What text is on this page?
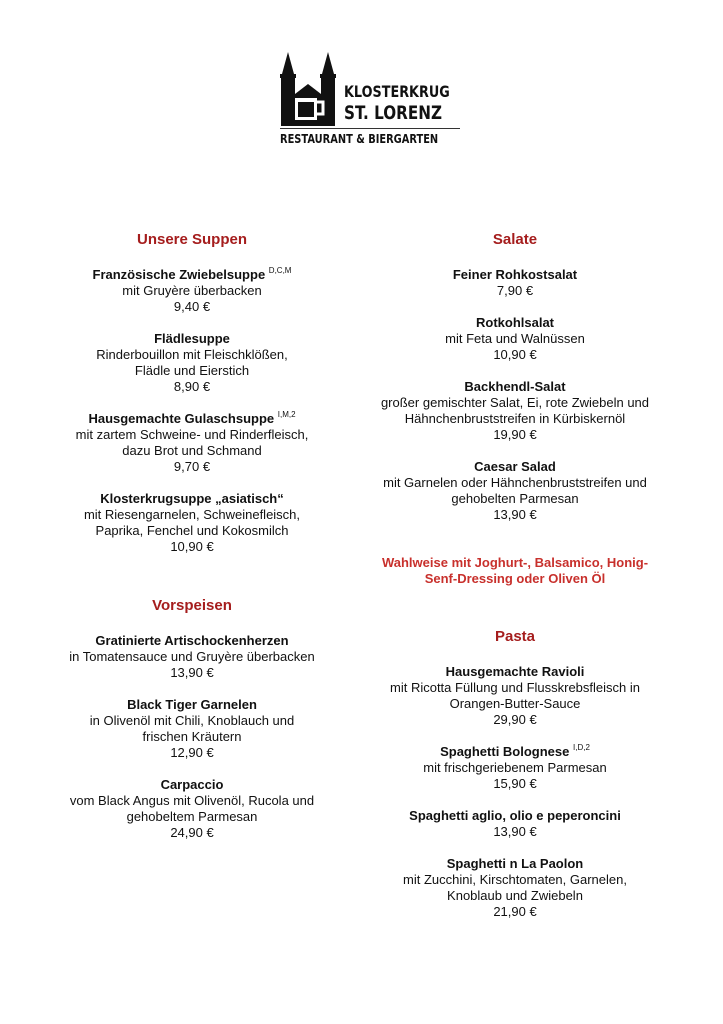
KLOSTERKRUG
ST. LORENZ
RESTAURANT & BIERGARTEN
Unsere Suppen
Französische Zwiebelsuppe $^{D,C,M}$
mit Gruyère überbacken
9,40 €
Flädlesuppe
Rinderbouillon mit Fleischklößen,
Flädle und Eierstich
8,90 €
Hausgemachte Gulaschsuppe $^{I,M,2}$
mit zartem Schweine- und Rinderfleisch,
dazu Brot und Schmand
9,70 €
Klosterkrugsuppe „asiatisch“
mit Riesengarnelen, Schweinefleisch,
Paprika, Fenchel und Kokosmilch
10,90 €
Vorspeisen
Gratinierte Artischockenherzen
in Tomatensauce und Gruyère überbacken
13,90 €
Black Tiger Garnelen
in Olivenöl mit Chili, Knoblauch und
frischen Kräutern
12,90 €
Carpaccio
vom Black Angus mit Olivenöl, Rucola und
gehobeltem Parmesan
24,90 €
Salate
Feiner Rohkostsalat
7,90 €
Rotkohlsalat
mit Feta und Walnüssen
10,90 €
Backhendl-Salat
großer gemischter Salat, Ei, rote Zwiebeln und
Hähnchenbruststreifen in Kürbiskernöl
19,90 €
Caesar Salad
mit Garnelen oder Hähnchenbruststreifen und
gehobelten Parmesan
13,90 €
Pasta
Hausgemachte Ravioli
mit Ricotta Füllung und Flusskrebsfleisch in
Orangen-Butter-Sauce
29,90 €
Spaghetti Bolognese $^{I,D,2}$
mit frischgeriebenem Parmesan
15,90 €
Spaghetti aglio, olio e peperoncini
13,90 €
Spaghetti n La Paolon
mit Zucchini, Kirschtomaten, Garnelen,
Knoblaub und Zwiebeln
21,90 €
Wahlweise mit Joghurt-, Balsamico, Honig-
Senf-Dressing oder Oliven Öl
